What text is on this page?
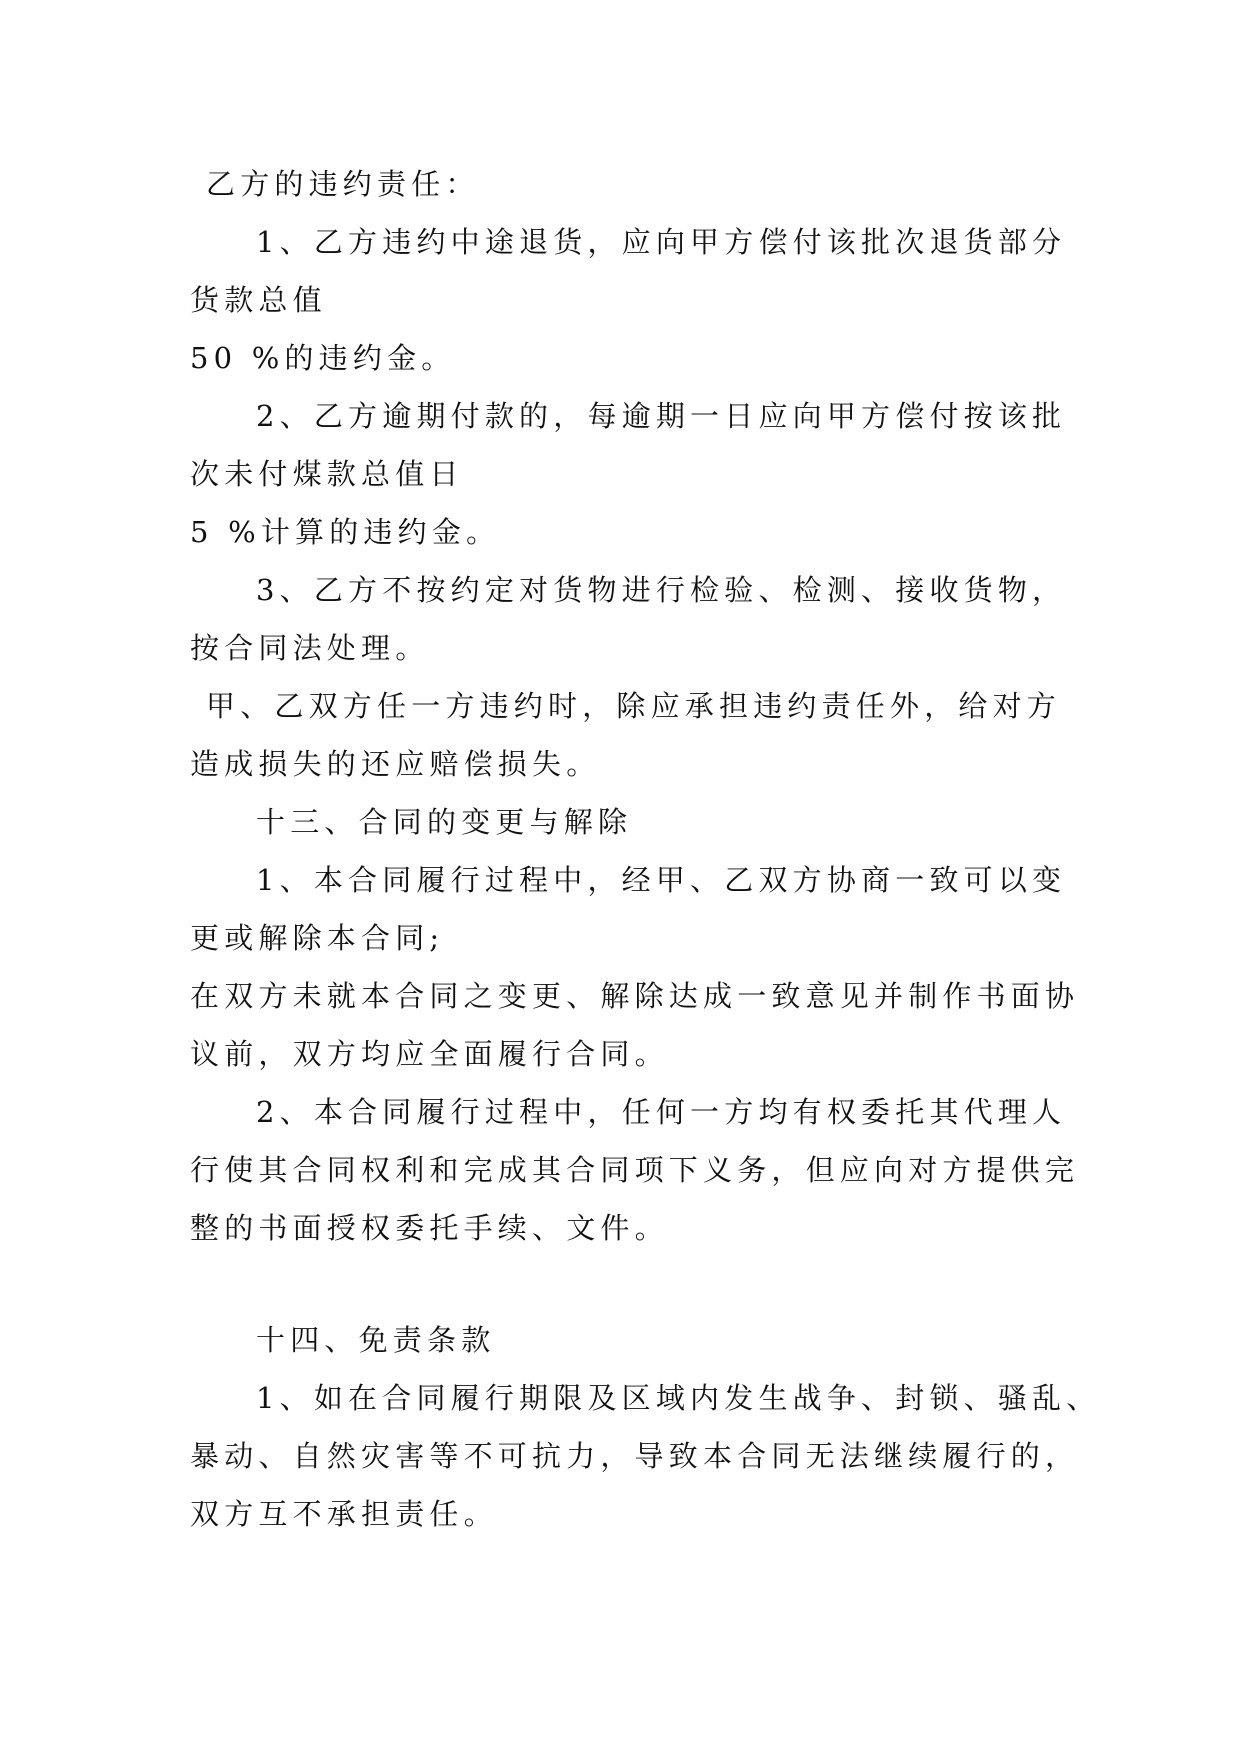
乙方的违约责任：
1、乙方违约中途退货，应向甲方偿付该批次退货部分
货款总值
50 %的违约金。
2、乙方逾期付款的，每逾期一日应向甲方偿付按该批
次未付煤款总值日
5 %计算的违约金。
3、乙方不按约定对货物进行检验、检测、接收货物，
按合同法处理。
甲、乙双方任一方违约时，除应承担违约责任外，给对方
造成损失的还应赔偿损失。
十三、合同的变更与解除
1、本合同履行过程中，经甲、乙双方协商一致可以变
更或解除本合同;
在双方未就本合同之变更、解除达成一致意见并制作书面协
议前，双方均应全面履行合同。
2、本合同履行过程中，任何一方均有权委托其代理人
行使其合同权利和完成其合同项下义务，但应向对方提供完
整的书面授权委托手续、文件。
十四、免责条款
1、如在合同履行期限及区域内发生战争、封锁、骚乱、
暴动、自然灾害等不可抗力，导致本合同无法继续履行的，
双方互不承担责任。
